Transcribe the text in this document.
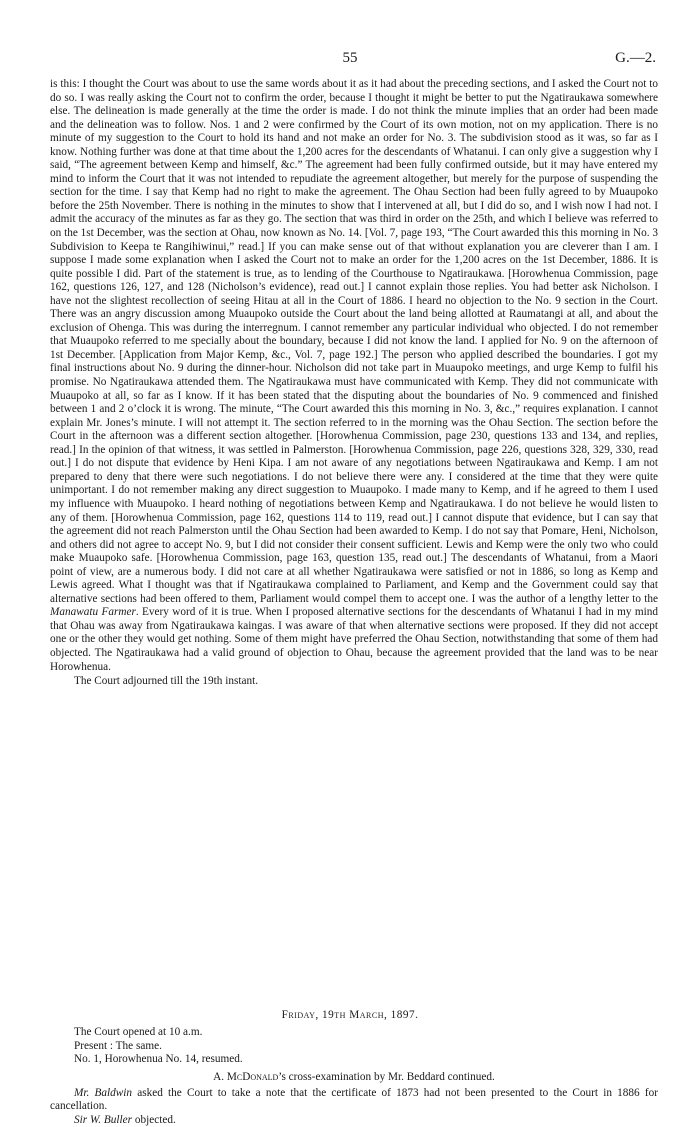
55	G.—2.

is this: I thought the Court was about to use the same words about it as it had about the preceding sections, and I asked the Court not to do so. I was really asking the Court not to confirm the order, because I thought it might be better to put the Ngatiraukawa somewhere else. The delineation is made generally at the time the order is made. I do not think the minute implies that an order had been made and the delineation was to follow. Nos. 1 and 2 were confirmed by the Court of its own motion, not on my application. There is no minute of my suggestion to the Court to hold its hand and not make an order for No. 3. The subdivision stood as it was, so far as I know. Nothing further was done at that time about the 1,200 acres for the descendants of Whatanui. I can only give a suggestion why I said, “The agreement between Kemp and himself, &c.” The agreement had been fully confirmed outside, but it may have entered my mind to inform the Court that it was not intended to repudiate the agreement altogether, but merely for the purpose of suspending the section for the time. I say that Kemp had no right to make the agreement. The Ohau Section had been fully agreed to by Muaupoko before the 25th November. There is nothing in the minutes to show that I intervened at all, but I did do so, and I wish now I had not. I admit the accuracy of the minutes as far as they go. The section that was third in order on the 25th, and which I believe was referred to on the 1st December, was the section at Ohau, now known as No. 14. [Vol. 7, page 193, “The Court awarded this this morning in No. 3 Subdivision to Keepa te Rangihiwinui,” read.] If you can make sense out of that without explanation you are cleverer than I am. I suppose I made some explanation when I asked the Court not to make an order for the 1,200 acres on the 1st December, 1886. It is quite possible I did. Part of the statement is true, as to lending of the Courthouse to Ngatiraukawa. [Horowhenua Commission, page 162, questions 126, 127, and 128 (Nicholson’s evidence), read out.] I cannot explain those replies. You had better ask Nicholson. I have not the slightest recollection of seeing Hitau at all in the Court of 1886. I heard no objection to the No. 9 section in the Court. There was an angry discussion among Muaupoko outside the Court about the land being allotted at Raumatangi at all, and about the exclusion of Ohenga. This was during the interregnum. I cannot remember any particular individual who objected. I do not remember that Muaupoko referred to me specially about the boundary, because I did not know the land. I applied for No. 9 on the afternoon of 1st December. [Application from Major Kemp, &c., Vol. 7, page 192.] The person who applied described the boundaries. I got my final instructions about No. 9 during the dinner-hour. Nicholson did not take part in Muaupoko meetings, and urge Kemp to fulfil his promise. No Ngatiraukawa attended them. The Ngatiraukawa must have communicated with Kemp. They did not communicate with Muaupoko at all, so far as I know. If it has been stated that the disputing about the boundaries of No. 9 commenced and finished between 1 and 2 o’clock it is wrong. The minute, “The Court awarded this this morning in No. 3, &c.,” requires explanation. I cannot explain Mr. Jones’s minute. I will not attempt it. The section referred to in the morning was the Ohau Section. The section before the Court in the afternoon was a different section altogether. [Horowhenua Commission, page 230, questions 133 and 134, and replies, read.] In the opinion of that witness, it was settled in Palmerston. [Horowhenua Commission, page 226, questions 328, 329, 330, read out.] I do not dispute that evidence by Heni Kipa. I am not aware of any negotiations between Ngatiraukawa and Kemp. I am not prepared to deny that there were such negotiations. I do not believe there were any. I considered at the time that they were quite unimportant. I do not remember making any direct suggestion to Muaupoko. I made many to Kemp, and if he agreed to them I used my influence with Muaupoko. I heard nothing of negotiations between Kemp and Ngatiraukawa. I do not believe he would listen to any of them. [Horowhenua Commission, page 162, questions 114 to 119, read out.] I cannot dispute that evidence, but I can say that the agreement did not reach Palmerston until the Ohau Section had been awarded to Kemp. I do not say that Pomare, Heni, Nicholson, and others did not agree to accept No. 9, but I did not consider their consent sufficient. Lewis and Kemp were the only two who could make Muaupoko safe. [Horowhenua Commission, page 163, question 135, read out.] The descendants of Whatanui, from a Maori point of view, are a numerous body. I did not care at all whether Ngatiraukawa were satisfied or not in 1886, so long as Kemp and Lewis agreed. What I thought was that if Ngatiraukawa complained to Parliament, and Kemp and the Government could say that alternative sections had been offered to them, Parliament would compel them to accept one. I was the author of a lengthy letter to the Manawatu Farmer. Every word of it is true. When I proposed alternative sections for the descendants of Whatanui I had in my mind that Ohau was away from Ngatiraukawa kaingas. I was aware of that when alternative sections were proposed. If they did not accept one or the other they would get nothing. Some of them might have preferred the Ohau Section, notwithstanding that some of them had objected. The Ngatiraukawa had a valid ground of objection to Ohau, because the agreement provided that the land was to be near Horowhenua.

The Court adjourned till the 19th instant.

Friday, 19th March, 1897.

The Court opened at 10 a.m.

Present : The same.

No. 1, Horowhenua No. 14, resumed.

A. McDonald’s cross-examination by Mr. Beddard continued.

Mr. Baldwin asked the Court to take a note that the certificate of 1873 had not been presented to the Court in 1886 for cancellation.

Sir W. Buller objected.
